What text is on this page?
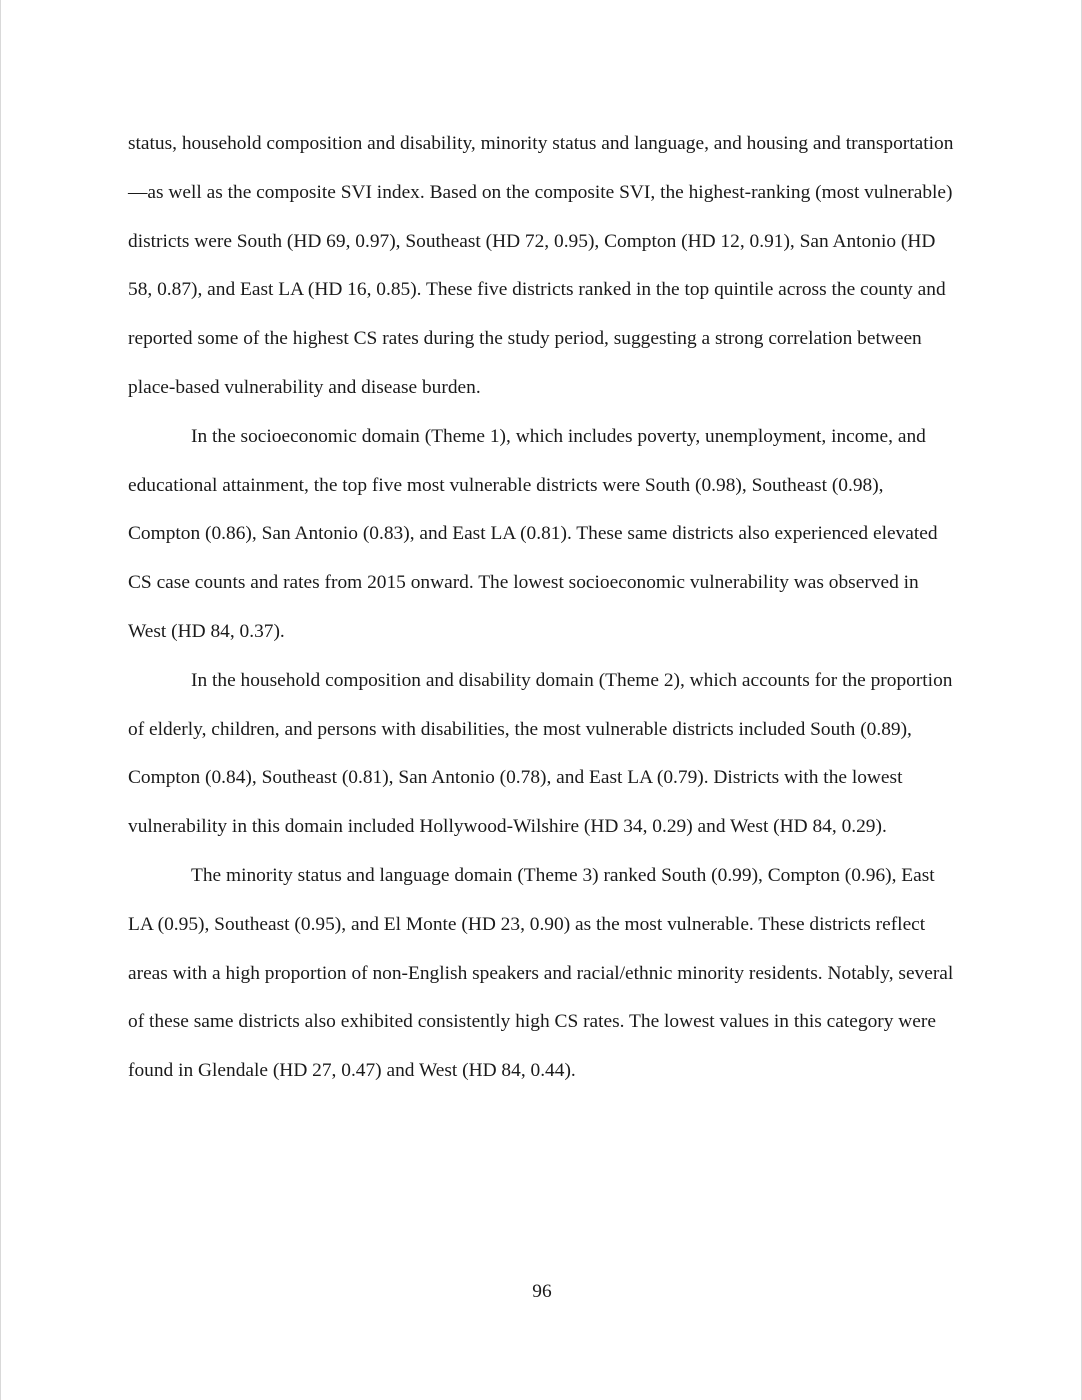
status, household composition and disability, minority status and language, and housing and transportation—as well as the composite SVI index. Based on the composite SVI, the highest-ranking (most vulnerable) districts were South (HD 69, 0.97), Southeast (HD 72, 0.95), Compton (HD 12, 0.91), San Antonio (HD 58, 0.87), and East LA (HD 16, 0.85). These five districts ranked in the top quintile across the county and reported some of the highest CS rates during the study period, suggesting a strong correlation between place-based vulnerability and disease burden.

In the socioeconomic domain (Theme 1), which includes poverty, unemployment, income, and educational attainment, the top five most vulnerable districts were South (0.98), Southeast (0.98), Compton (0.86), San Antonio (0.83), and East LA (0.81). These same districts also experienced elevated CS case counts and rates from 2015 onward. The lowest socioeconomic vulnerability was observed in West (HD 84, 0.37).

In the household composition and disability domain (Theme 2), which accounts for the proportion of elderly, children, and persons with disabilities, the most vulnerable districts included South (0.89), Compton (0.84), Southeast (0.81), San Antonio (0.78), and East LA (0.79). Districts with the lowest vulnerability in this domain included Hollywood-Wilshire (HD 34, 0.29) and West (HD 84, 0.29).

The minority status and language domain (Theme 3) ranked South (0.99), Compton (0.96), East LA (0.95), Southeast (0.95), and El Monte (HD 23, 0.90) as the most vulnerable. These districts reflect areas with a high proportion of non-English speakers and racial/ethnic minority residents. Notably, several of these same districts also exhibited consistently high CS rates. The lowest values in this category were found in Glendale (HD 27, 0.47) and West (HD 84, 0.44).

96
